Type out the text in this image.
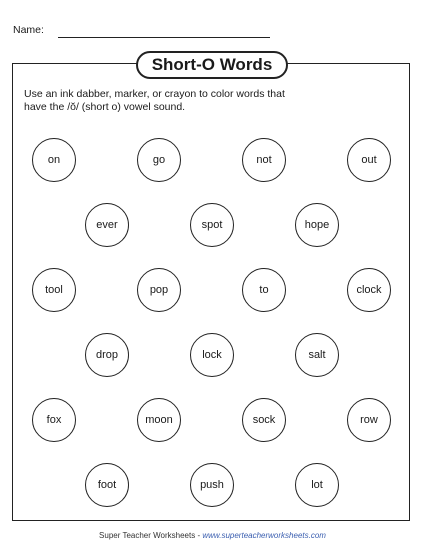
Name:
Short-O Words
Use an ink dabber, marker, or crayon to color words that
have the /ŏ/ (short o) vowel sound.
on	go	not	out
ever	spot	hope
tool	pop	to	clock
drop	lock	salt
fox	moon	sock	row
foot	push	lot
Super Teacher Worksheets - www.superteacherworksheets.com
